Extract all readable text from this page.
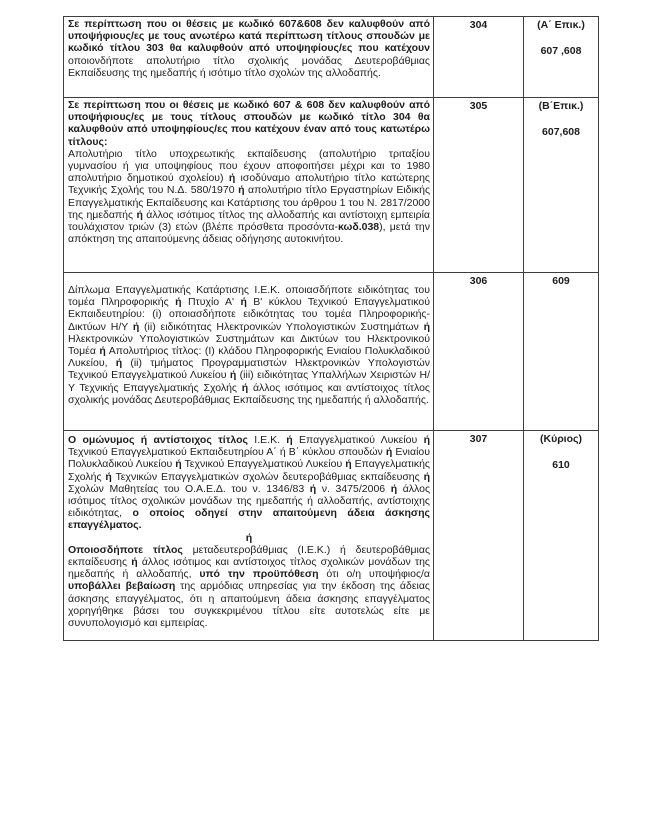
Σε περίπτωση που οι θέσεις με κωδικό 607&608 δεν καλυφθούν από υποψήφιους/ες με τους ανωτέρω κατά περίπτωση τίτλους σπουδών με κωδικό τίτλου 303 θα καλυφθούν από υποψηφίους/ες που κατέχουν οποιονδήποτε απολυτήριο τίτλο σχολικής μονάδας Δευτεροβάθμιας Εκπαίδευσης της ημεδαπής ή ισότιμο τίτλο σχολών της αλλοδαπής.	304	(Α΄ Επικ.)
607 ,608

Σε περίπτωση που οι θέσεις με κωδικό 607 & 608 δεν καλυφθούν από υποψήφιους/ες με τους τίτλους σπουδών με κωδικό τίτλο 304 θα καλυφθούν από υποψηφίους/ες που κατέχουν έναν από τους κατωτέρω τίτλους:
Απολυτήριο τίτλο υποχρεωτικής εκπαίδευσης (απολυτήριο τριταξίου γυμνασίου ή για υποψηφίους που έχουν αποφοιτήσει μέχρι και το 1980 απολυτήριο δημοτικού σχολείου) ή ισοδύναμο απολυτήριο τίτλο κατώτερης Τεχνικής Σχολής του Ν.Δ. 580/1970 ή απολυτήριο τίτλο Εργαστηρίων Ειδικής Επαγγελματικής Εκπαίδευσης και Κατάρτισης του άρθρου 1 του Ν. 2817/2000 της ημεδαπής ή άλλος ισότιμος τίτλος της αλλοδαπής και αντίστοιχη εμπειρία τουλάχιστον τριών (3) ετών (βλέπε πρόσθετα προσόντα-κωδ.038), μετά την απόκτηση της απαιτούμενης άδειας οδήγησης αυτοκινήτου.

305	(Β΄Επικ.)
607,608

Δίπλωμα Επαγγελματικής Κατάρτισης Ι.Ε.Κ. οποιασδήποτε ειδικότητας του τομέα Πληροφορικής ή Πτυχίο Α' ή Β' κύκλου Τεχνικού Επαγγελματικού Εκπαιδευτηρίου: (i) οποιασδήποτε ειδικότητας του τομέα Πληροφορικής-Δικτύων Η/Υ ή (ii) ειδικότητας Ηλεκτρονικών Υπολογιστικών Συστημάτων ή Ηλεκτρονικών Υπολογιστικών Συστημάτων και Δικτύων του Ηλεκτρονικού Τομέα ή Απολυτήριος τίτλος: (Ι) κλάδου Πληροφορικής Ενιαίου Πολυκλαδικού Λυκείου, ή (ii) τμήματος Προγραμματιστών Ηλεκτρονικών Υπολογιστών Τεχνικού Επαγγελματικού Λυκείου ή (iii) ειδικότητας Υπαλλήλων Χειριστών Η/Υ Τεχνικής Επαγγελματικής Σχολής ή άλλος ισότιμος και αντίστοιχος τίτλος σχολικής μονάδας Δευτεροβάθμιας Εκπαίδευσης της ημεδαπής ή αλλοδαπής.	306	609

Ο ομώνυμος ή αντίστοιχος τίτλος Ι.Ε.Κ. ή Επαγγελματικού Λυκείου ή Τεχνικού Επαγγελματικού Εκπαιδευτηρίου Α΄ ή Β΄ κύκλου σπουδών ή Ενιαίου Πολυκλαδικού Λυκείου ή Τεχνικού Επαγγελματικού Λυκείου ή Επαγγελματικής Σχολής ή Τεχνικών Επαγγελματικών σχολών δευτεροβάθμιας εκπαίδευσης ή Σχολών Μαθητείας του Ο.Α.Ε.Δ. του ν. 1346/83 ή ν. 3475/2006 ή άλλος ισότιμος τίτλος σχολικών μονάδων της ημεδαπής ή αλλοδαπής, αντίστοιχης ειδικότητας, ο οποίος οδηγεί στην απαιτούμενη άδεια άσκησης επαγγέλματος.
ή
Οποιοσδήποτε τίτλος μεταδευτεροβάθμιας (Ι.Ε.Κ.) ή δευτεροβάθμιας εκπαίδευσης ή άλλος ισότιμος και αντίστοιχος τίτλος σχολικών μονάδων της ημεδαπής ή αλλοδαπής, υπό την προϋπόθεση ότι ο/η υποψήφιος/α υποβάλλει βεβαίωση της αρμόδιας υπηρεσίας για την έκδοση της άδειας άσκησης επαγγέλματος, ότι η απαιτούμενη άδεια άσκησης επαγγέλματος χορηγήθηκε βάσει του συγκεκριμένου τίτλου είτε αυτοτελώς είτε με συνυπολογισμό και εμπειρίας.

307	(Κύριος)
610
